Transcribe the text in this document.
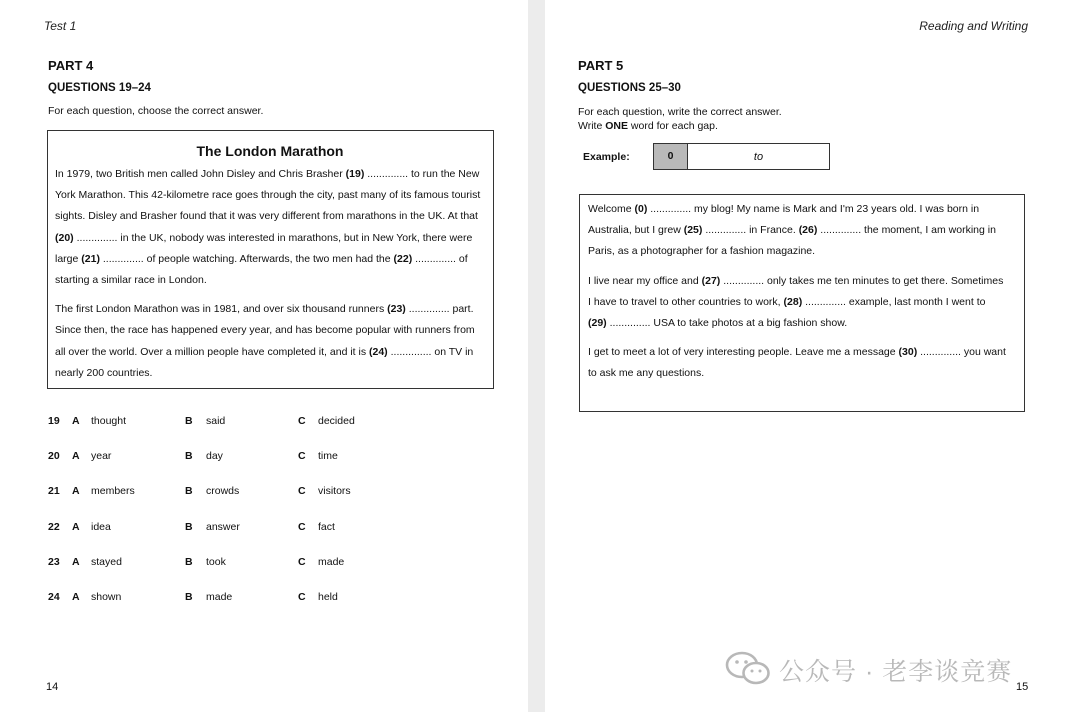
Test 1
PART 4
QUESTIONS 19–24
For each question, choose the correct answer.
The London Marathon
In 1979, two British men called John Disley and Chris Brasher (19) .............. to run the New
York Marathon. This 42-kilometre race goes through the city, past many of its famous tourist
sights. Disley and Brasher found that it was very different from marathons in the UK. At that
(20) .............. in the UK, nobody was interested in marathons, but in New York, there were
large (21) .............. of people watching. Afterwards, the two men had the (22) .............. of
starting a similar race in London.
The first London Marathon was in 1981, and over six thousand runners (23) .............. part.
Since then, the race has happened every year, and has become popular with runners from
all over the world. Over a million people have completed it, and it is (24) .............. on TV in
nearly 200 countries.
19 A thought	B said	C decided
20 A year	B day	C time
21 A members	B crowds	C visitors
22 A idea	B answer	C fact
23 A stayed	B took	C made
24 A shown	B made	C held
14
Reading and Writing
PART 5
QUESTIONS 25–30
For each question, write the correct answer.
Write ONE word for each gap.
Example:	0	to
Welcome (0) .............. my blog! My name is Mark and I'm 23 years old. I was born in
Australia, but I grew (25) .............. in France. (26) .............. the moment, I am working in
Paris, as a photographer for a fashion magazine.
I live near my office and (27) .............. only takes me ten minutes to get there. Sometimes
I have to travel to other countries to work, (28) .............. example, last month I went to
(29) .............. USA to take photos at a big fashion show.
I get to meet a lot of very interesting people. Leave me a message (30) .............. you want
to ask me any questions.
15
公众号 · 老李谈竞赛
